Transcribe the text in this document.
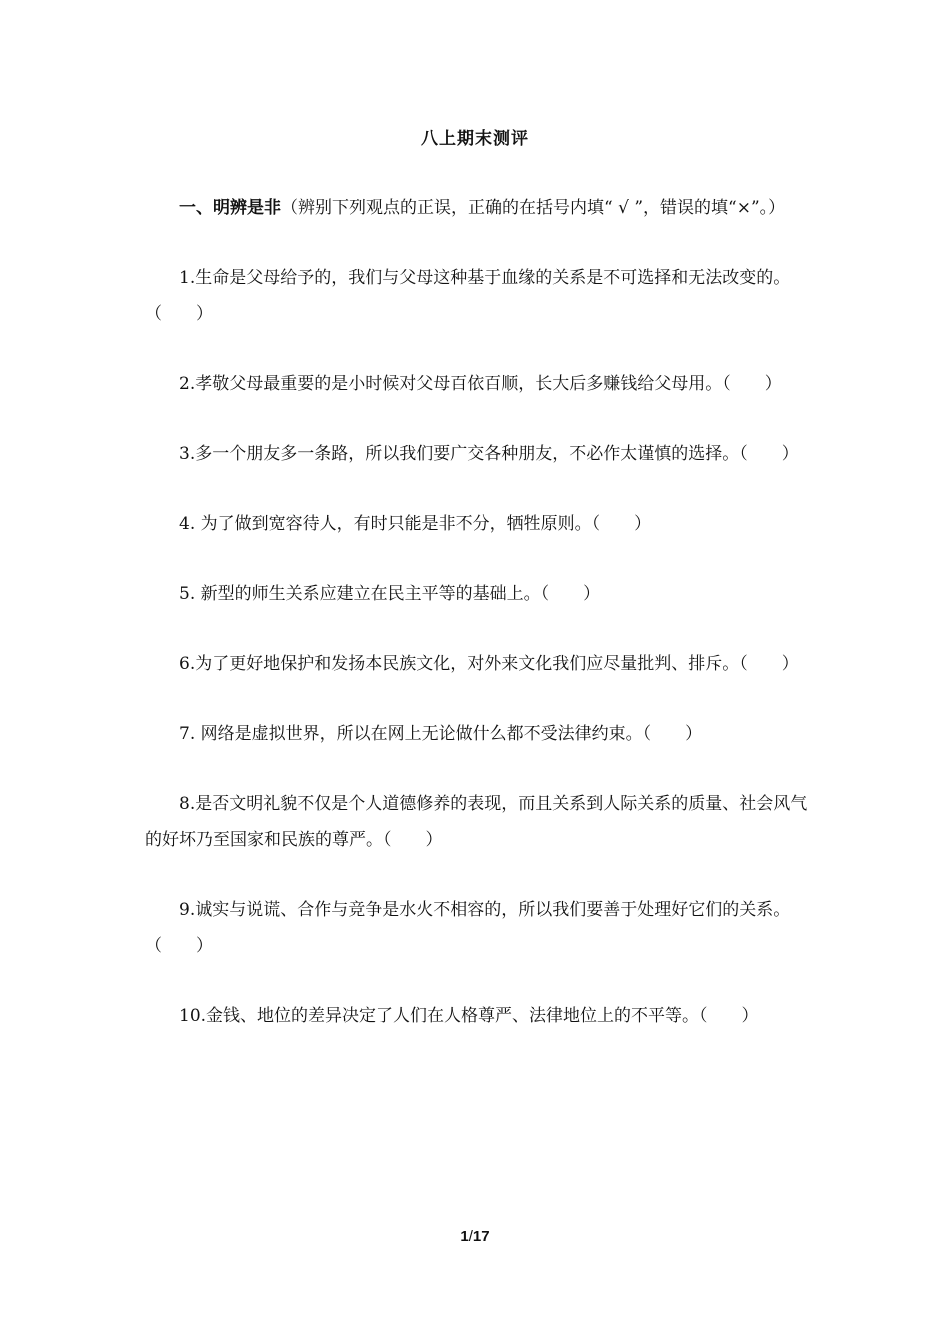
八上期末测评

一、明辨是非（辨别下列观点的正误，正确的在括号内填“ √ ”，错误的填“×”。）

1.生命是父母给予的，我们与父母这种基于血缘的关系是不可选择和无法改变的。（　　）

2.孝敬父母最重要的是小时候对父母百依百顺，长大后多赚钱给父母用。（　　）

3.多一个朋友多一条路，所以我们要广交各种朋友，不必作太谨慎的选择。（　　）

4. 为了做到宽容待人，有时只能是非不分，牺牲原则。（　　）

5. 新型的师生关系应建立在民主平等的基础上。（　　）

6.为了更好地保护和发扬本民族文化，对外来文化我们应尽量批判、排斥。（　　）

7. 网络是虚拟世界，所以在网上无论做什么都不受法律约束。（　　）

8.是否文明礼貌不仅是个人道德修养的表现，而且关系到人际关系的质量、社会风气的好坏乃至国家和民族的尊严。（　　）

9.诚实与说谎、合作与竞争是水火不相容的，所以我们要善于处理好它们的关系。（　　）

10.金钱、地位的差异决定了人们在人格尊严、法律地位上的不平等。（　　）

1/17
